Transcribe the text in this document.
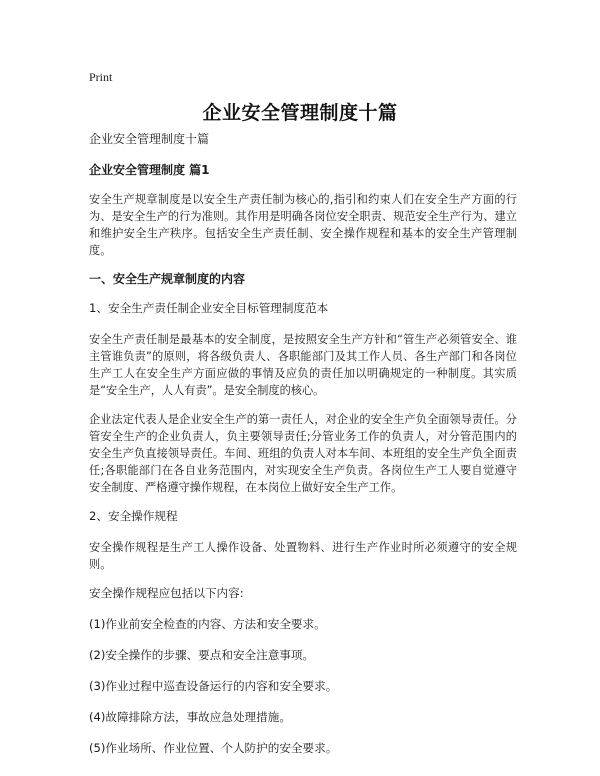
Print
企业安全管理制度十篇

企业安全管理制度十篇

企业安全管理制度 篇1

安全生产规章制度是以安全生产责任制为核心的,指引和约束人们在安全生产方面的行为、是安全生产的行为准则。其作用是明确各岗位安全职责、规范安全生产行为、建立和维护安全生产秩序。包括安全生产责任制、安全操作规程和基本的安全生产管理制度。

一、安全生产规章制度的内容

1、安全生产责任制企业安全目标管理制度范本

安全生产责任制是最基本的安全制度，是按照安全生产方针和“管生产必须管安全、谁主管谁负责”的原则，将各级负责人、各职能部门及其工作人员、各生产部门和各岗位生产工人在安全生产方面应做的事情及应负的责任加以明确规定的一种制度。其实质是“安全生产，人人有责”。是安全制度的核心。

企业法定代表人是企业安全生产的第一责任人，对企业的安全生产负全面领导责任。分管安全生产的企业负责人，负主要领导责任;分管业务工作的负责人，对分管范围内的安全生产负直接领导责任。车间、班组的负责人对本车间、本班组的安全生产负全面责任;各职能部门在各自业务范围内，对实现安全生产负责。各岗位生产工人要自觉遵守安全制度、严格遵守操作规程，在本岗位上做好安全生产工作。

2、安全操作规程

安全操作规程是生产工人操作设备、处置物料、进行生产作业时所必须遵守的安全规则。

安全操作规程应包括以下内容:

(1)作业前安全检查的内容、方法和安全要求。

(2)安全操作的步骤、要点和安全注意事项。

(3)作业过程中巡查设备运行的内容和安全要求。

(4)故障排除方法，事故应急处理措施。

(5)作业场所、作业位置、个人防护的安全要求。
